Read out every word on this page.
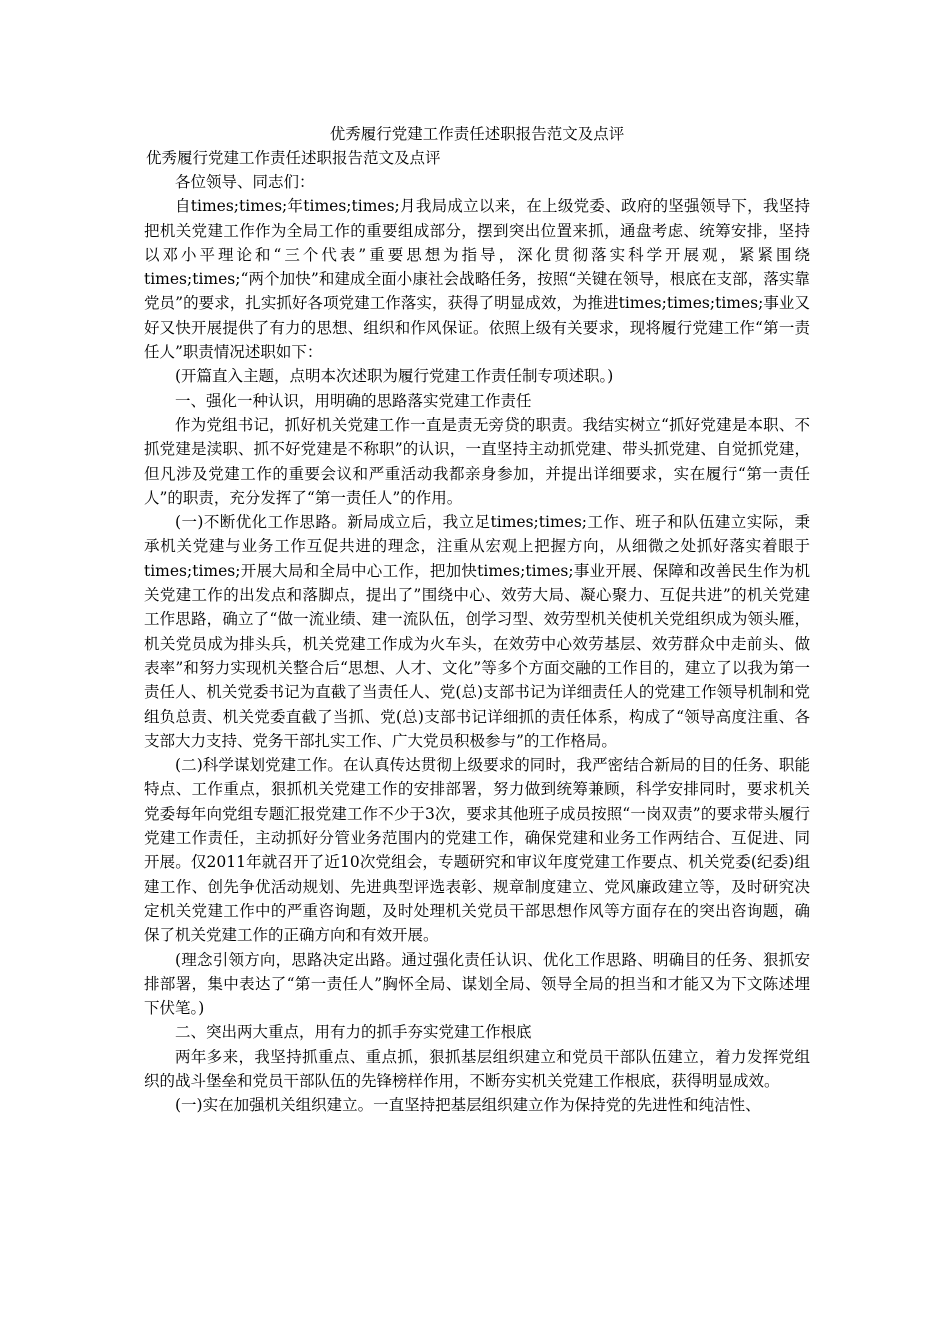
优秀履行党建工作责任述职报告范文及点评
优秀履行党建工作责任述职报告范文及点评

各位领导、同志们：

自times;times;年times;times;月我局成立以来，在上级党委、政府的坚强领导下，我坚持把机关党建工作作为全局工作的重要组成部分，摆到突出位置来抓，通盘考虑、统筹安排，坚持以邓小平理论和“三个代表”重要思想为指导，深化贯彻落实科学开展观，紧紧围绕times;times;“两个加快”和建成全面小康社会战略任务，按照“关键在领导，根底在支部，落实靠党员”的要求，扎实抓好各项党建工作落实，获得了明显成效，为推进times;times;times;事业又好又快开展提供了有力的思想、组织和作风保证。依照上级有关要求，现将履行党建工作“第一责任人”职责情况述职如下：

(开篇直入主题，点明本次述职为履行党建工作责任制专项述职。)

一、强化一种认识，用明确的思路落实党建工作责任

作为党组书记，抓好机关党建工作一直是责无旁贷的职责。我结实树立“抓好党建是本职、不抓党建是渎职、抓不好党建是不称职”的认识，一直坚持主动抓党建、带头抓党建、自觉抓党建，但凡涉及党建工作的重要会议和严重活动我都亲身参加，并提出详细要求，实在履行“第一责任人”的职责，充分发挥了“第一责任人”的作用。

(一)不断优化工作思路。新局成立后，我立足times;times;工作、班子和队伍建立实际，秉承机关党建与业务工作互促共进的理念，注重从宏观上把握方向，从细微之处抓好落实着眼于times;times;开展大局和全局中心工作，把加快times;times;事业开展、保障和改善民生作为机关党建工作的出发点和落脚点，提出了”围绕中心、效劳大局、凝心聚力、互促共进”的机关党建工作思路，确立了“做一流业绩、建一流队伍，创学习型、效劳型机关使机关党组织成为领头雁，机关党员成为排头兵，机关党建工作成为火车头，在效劳中心效劳基层、效劳群众中走前头、做表率”和努力实现机关整合后“思想、人才、文化”等多个方面交融的工作目的，建立了以我为第一责任人、机关党委书记为直截了当责任人、党(总)支部书记为详细责任人的党建工作领导机制和党组负总责、机关党委直截了当抓、党(总)支部书记详细抓的责任体系，构成了“领导高度注重、各支部大力支持、党务干部扎实工作、广大党员积极参与”的工作格局。

(二)科学谋划党建工作。在认真传达贯彻上级要求的同时，我严密结合新局的目的任务、职能特点、工作重点，狠抓机关党建工作的安排部署，努力做到统筹兼顾，科学安排同时，要求机关党委每年向党组专题汇报党建工作不少于3次，要求其他班子成员按照“一岗双责”的要求带头履行党建工作责任，主动抓好分管业务范围内的党建工作，确保党建和业务工作两结合、互促进、同开展。仅2011年就召开了近10次党组会，专题研究和审议年度党建工作要点、机关党委(纪委)组建工作、创先争优活动规划、先进典型评选表彰、规章制度建立、党风廉政建立等，及时研究决定机关党建工作中的严重咨询题，及时处理机关党员干部思想作风等方面存在的突出咨询题，确保了机关党建工作的正确方向和有效开展。

(理念引领方向，思路决定出路。通过强化责任认识、优化工作思路、明确目的任务、狠抓安排部署，集中表达了“第一责任人”胸怀全局、谋划全局、领导全局的担当和才能又为下文陈述埋下伏笔。)

二、突出两大重点，用有力的抓手夯实党建工作根底

两年多来，我坚持抓重点、重点抓，狠抓基层组织建立和党员干部队伍建立，着力发挥党组织的战斗堡垒和党员干部队伍的先锋榜样作用，不断夯实机关党建工作根底，获得明显成效。

(一)实在加强机关组织建立。一直坚持把基层组织建立作为保持党的先进性和纯洁性、
